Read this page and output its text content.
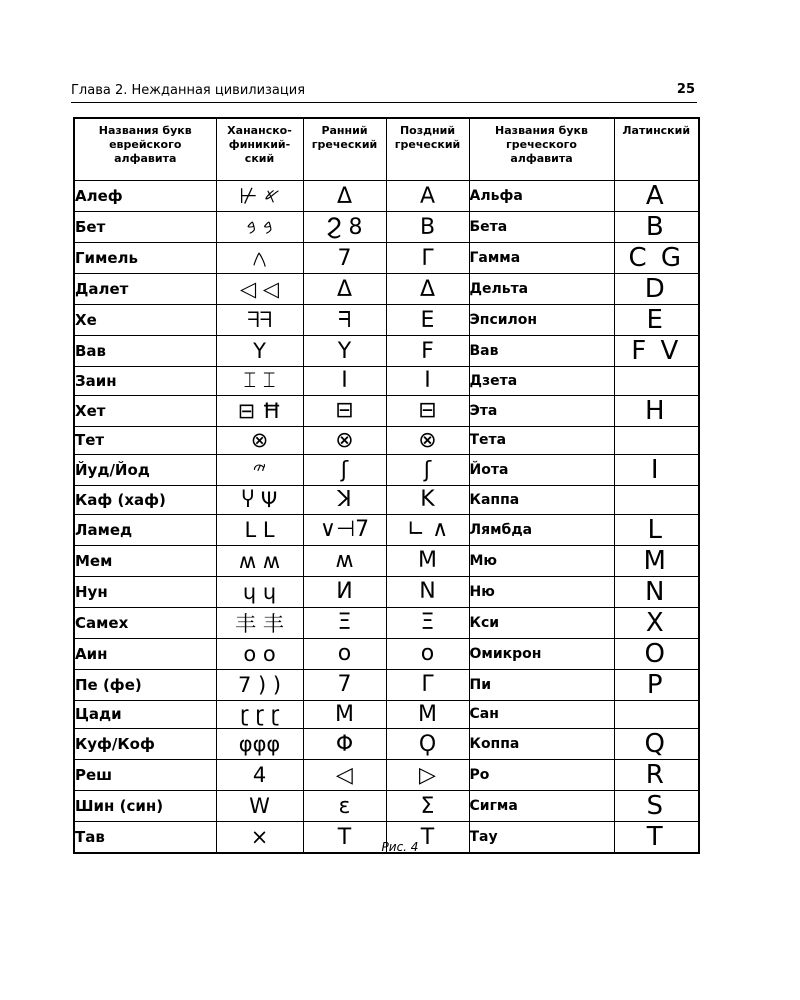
Глава 2. Нежданная цивилизация	25
Названия букв
еврейского
алфавита	Хананско-
финикий-
ский	Ранний
греческий	Поздний
греческий	Названия букв
греческого
алфавита	Латинский
Алеф	⊬ 𐤀	Δ	Α	Альфа	A
Бет	𐤁 𐤁	Ϩ 8	Β	Бета	B
Гимель	𐤂	7	Γ	Гамма	C G
Далет	◁ ◁	Δ	Δ	Дельта	D
Хе	ᖷᖷ	ᖷ	Ε	Эпсилон	E
Вав	Y	Y	Ϝ	Вав	F V
Заин	⌶ ⌶	Ι	Ι	Дзета	
Хет	⊟ Ħ	⊟	⊟	Эта	H
Тет	⊗	⊗	⊗	Тета	
Йуд/Йод	𐤉	ʃ	ʃ	Йота	I
Каф (хаф)	Ⴤ Ψ	ꓘ	Κ	Каппа	
Ламед	ᒪ ᒪ	∨⊣7	∟ ∧	Лямбда	L
Мем	ʍ ʍ	ʍ	Μ	Мю	M
Нун	ɥ ɥ	И	Ν	Ню	N
Самех	丰 丰	Ξ	Ξ	Кси	X
Аин	o o	o	o	Омикрон	O
Пе (фе)	7 ) )	7	Γ	Пи	P
Цади	ɽ ɽ ɽ	M	M	Сан	
Куф/Коф	φφφ	Φ	Ϙ	Коппа	Q
Реш	4	◁	▷	Ро	R
Шин (син)	W	ɛ	Σ	Сигма	S
Тав	×	T	T	Тау	T
Рис. 4
